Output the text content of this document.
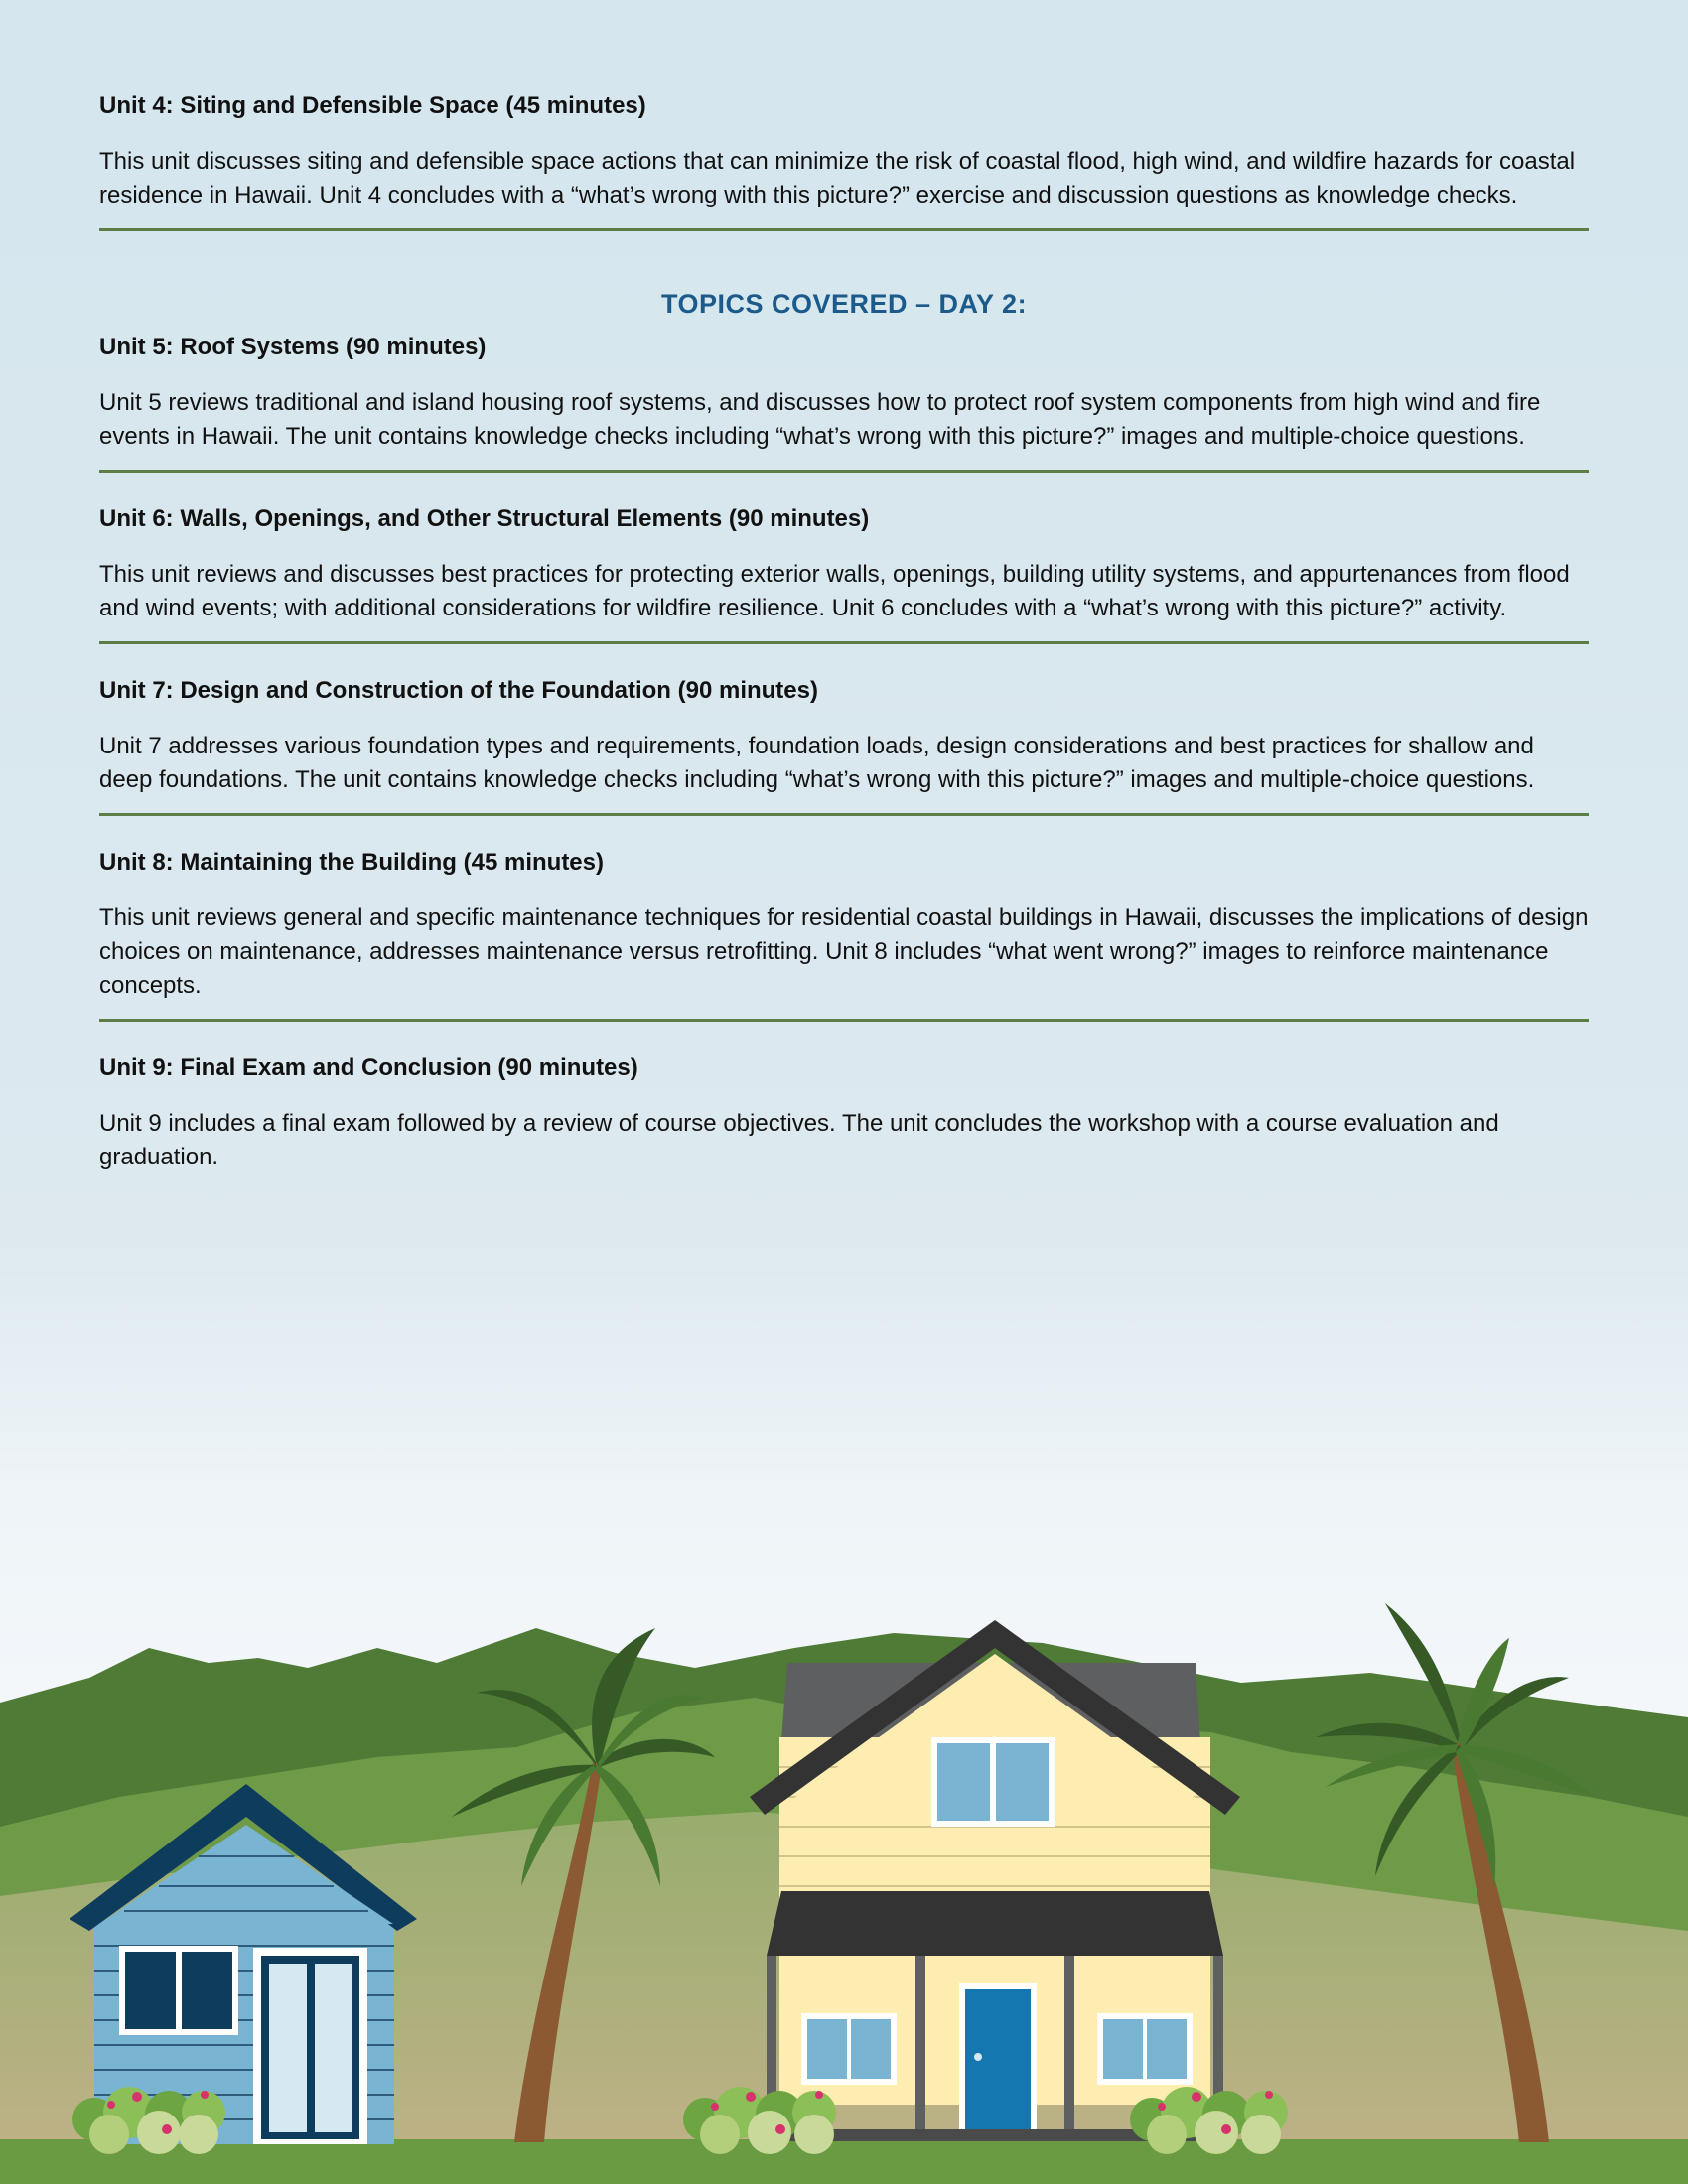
Unit 4: Siting and Defensible Space (45 minutes)

This unit discusses siting and defensible space actions that can minimize the risk of coastal flood, high wind, and wildfire hazards for coastal residence in Hawaii. Unit 4 concludes with a “what’s wrong with this picture?” exercise and discussion questions as knowledge checks.

TOPICS COVERED – DAY 2:

Unit 5: Roof Systems (90 minutes)

Unit 5 reviews traditional and island housing roof systems, and discusses how to protect roof system components from high wind and fire events in Hawaii. The unit contains knowledge checks including “what’s wrong with this picture?” images and multiple-choice questions.

Unit 6: Walls, Openings, and Other Structural Elements (90 minutes)

This unit reviews and discusses best practices for protecting exterior walls, openings, building utility systems, and appurtenances from flood and wind events; with additional considerations for wildfire resilience. Unit 6 concludes with a “what’s wrong with this picture?” activity.

Unit 7: Design and Construction of the Foundation (90 minutes)

Unit 7 addresses various foundation types and requirements, foundation loads, design considerations and best practices for shallow and deep foundations. The unit contains knowledge checks including “what’s wrong with this picture?” images and multiple-choice questions.

Unit 8: Maintaining the Building (45 minutes)

This unit reviews general and specific maintenance techniques for residential coastal buildings in Hawaii, discusses the implications of design choices on maintenance, addresses maintenance versus retrofitting. Unit 8 includes “what went wrong?” images to reinforce maintenance concepts.

Unit 9: Final Exam and Conclusion (90 minutes)

Unit 9 includes a final exam followed by a review of course objectives. The unit concludes the workshop with a course evaluation and graduation.
